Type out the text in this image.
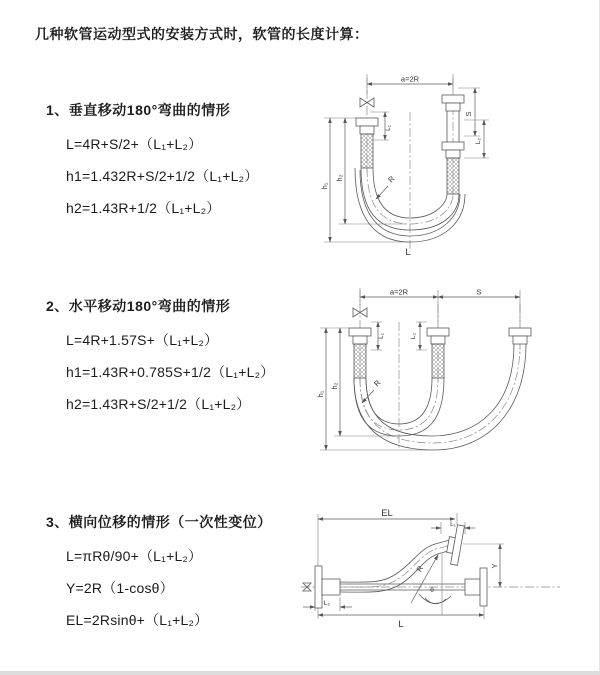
几种软管运动型式的安装方式时，软管的长度计算：
1、垂直移动180°弯曲的情形

L=4R+S/2+（L₁+L₂）

h1=1.432R+S/2+1/2（L₁+L₂）

h2=1.43R+1/2（L₁+L₂）

2、水平移动180°弯曲的情形

L=4R+1.57S+（L₁+L₂）

h1=1.43R+0.785S+1/2（L₁+L₂）

h2=1.43R+S/2+1/2（L₁+L₂）

3、横向位移的情形（一次性变位）

L=πRθ/90+（L₁+L₂）

Y=2R（1-cosθ）

EL=2Rsinθ+（L₁+L₂）

a=2R
h₁
h₂
L₁
S
L₂
R
L
a=2R	S
h₁
h₂
L₁	L₂
R
EL
L₁
Y
R
θ
L
L₂
